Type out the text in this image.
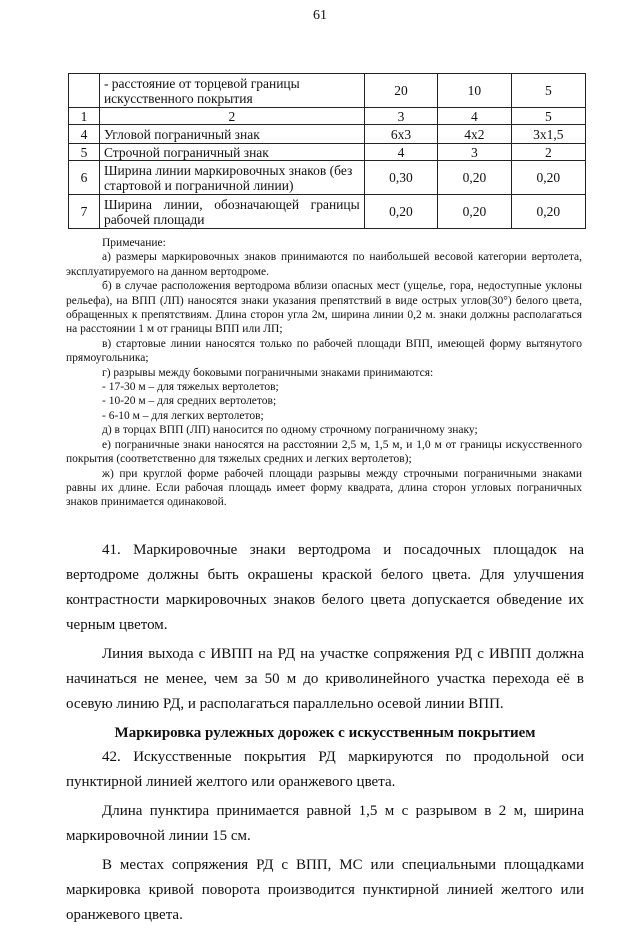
61
	- расстояние от торцевой границы искусственного покрытия	20	10	5
1	2	3	4	5
4	Угловой пограничный знак	6x3	4x2	3x1,5
5	Строчной пограничный знак	4	3	2
6	Ширина линии маркировочных знаков (без стартовой и пограничной линии)	0,30	0,20	0,20
7	Ширина линии, обозначающей границы рабочей площади	0,20	0,20	0,20

Примечание:

а) размеры маркировочных знаков принимаются по наибольшей весовой категории вертолета, эксплуатируемого на данном вертодроме.

б) в случае расположения вертодрома вблизи опасных мест (ущелье, гора, недоступные уклоны рельефа), на ВПП (ЛП) наносятся знаки указания препятствий в виде острых углов(30°) белого цвета, обращенных к препятствиям. Длина сторон угла 2м, ширина линии 0,2 м. знаки должны располагаться на расстоянии 1 м от границы ВПП или ЛП;

в) стартовые линии наносятся только по рабочей площади ВПП, имеющей форму вытянутого прямоугольника;

г) разрывы между боковыми пограничными знаками принимаются:

- 17-30 м – для тяжелых вертолетов;

- 10-20 м – для средних вертолетов;

- 6-10 м – для легких вертолетов;

д) в торцах ВПП (ЛП) наносится по одному строчному пограничному знаку;

е) пограничные знаки наносятся на расстоянии 2,5 м, 1,5 м, и 1,0 м от границы искусственного покрытия (соответственно для тяжелых средних и легких вертолетов);

ж) при круглой форме рабочей площади разрывы между строчными пограничными знаками равны их длине. Если рабочая площадь имеет форму квадрата, длина сторон угловых пограничных знаков принимается одинаковой.

41. Маркировочные знаки вертодрома и посадочных площадок на вертодроме должны быть окрашены краской белого цвета. Для улучшения контрастности маркировочных знаков белого цвета допускается обведение их черным цветом.

Линия выхода с ИВПП на РД на участке сопряжения РД с ИВПП должна начинаться не менее, чем за 50 м до криволинейного участка перехода её в осевую линию РД, и располагаться параллельно осевой линии ВПП.

Маркировка рулежных дорожек с искусственным покрытием

42. Искусственные покрытия РД маркируются по продольной оси пунктирной линией желтого или оранжевого цвета.

Длина пунктира принимается равной 1,5 м с разрывом в 2 м, ширина маркировочной линии 15 см.

В местах сопряжения РД с ВПП, МС или специальными площадками маркировка кривой поворота производится пунктирной линией желтого или оранжевого цвета.
